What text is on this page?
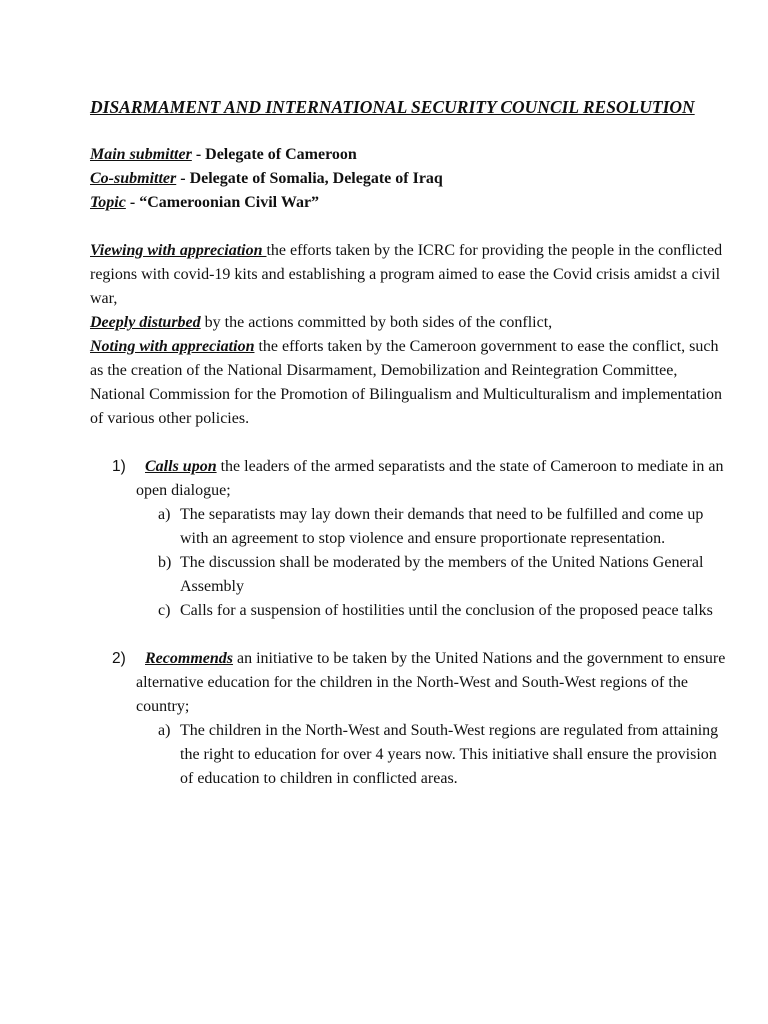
DISARMAMENT AND INTERNATIONAL SECURITY COUNCIL RESOLUTION
Main submitter - Delegate of Cameroon
Co-submitter - Delegate of Somalia, Delegate of Iraq
Topic - “Cameroonian Civil War”
Viewing with appreciation the efforts taken by the ICRC for providing the people in the conflicted regions with covid-19 kits and establishing a program aimed to ease the Covid crisis amidst a civil war,
Deeply disturbed by the actions committed by both sides of the conflict,
Noting with appreciation the efforts taken by the Cameroon government to ease the conflict, such as the creation of the National Disarmament, Demobilization and Reintegration Committee, National Commission for the Promotion of Bilingualism and Multiculturalism and implementation of various other policies.
1)	Calls upon the leaders of the armed separatists and the state of Cameroon to mediate in an open dialogue;
a) The separatists may lay down their demands that need to be fulfilled and come up with an agreement to stop violence and ensure proportionate representation.
b) The discussion shall be moderated by the members of the United Nations General Assembly
c) Calls for a suspension of hostilities until the conclusion of the proposed peace talks
2)	Recommends an initiative to be taken by the United Nations and the government to ensure alternative education for the children in the North-West and South-West regions of the country;
a) The children in the North-West and South-West regions are regulated from attaining the right to education for over 4 years now. This initiative shall ensure the provision of education to children in conflicted areas.
